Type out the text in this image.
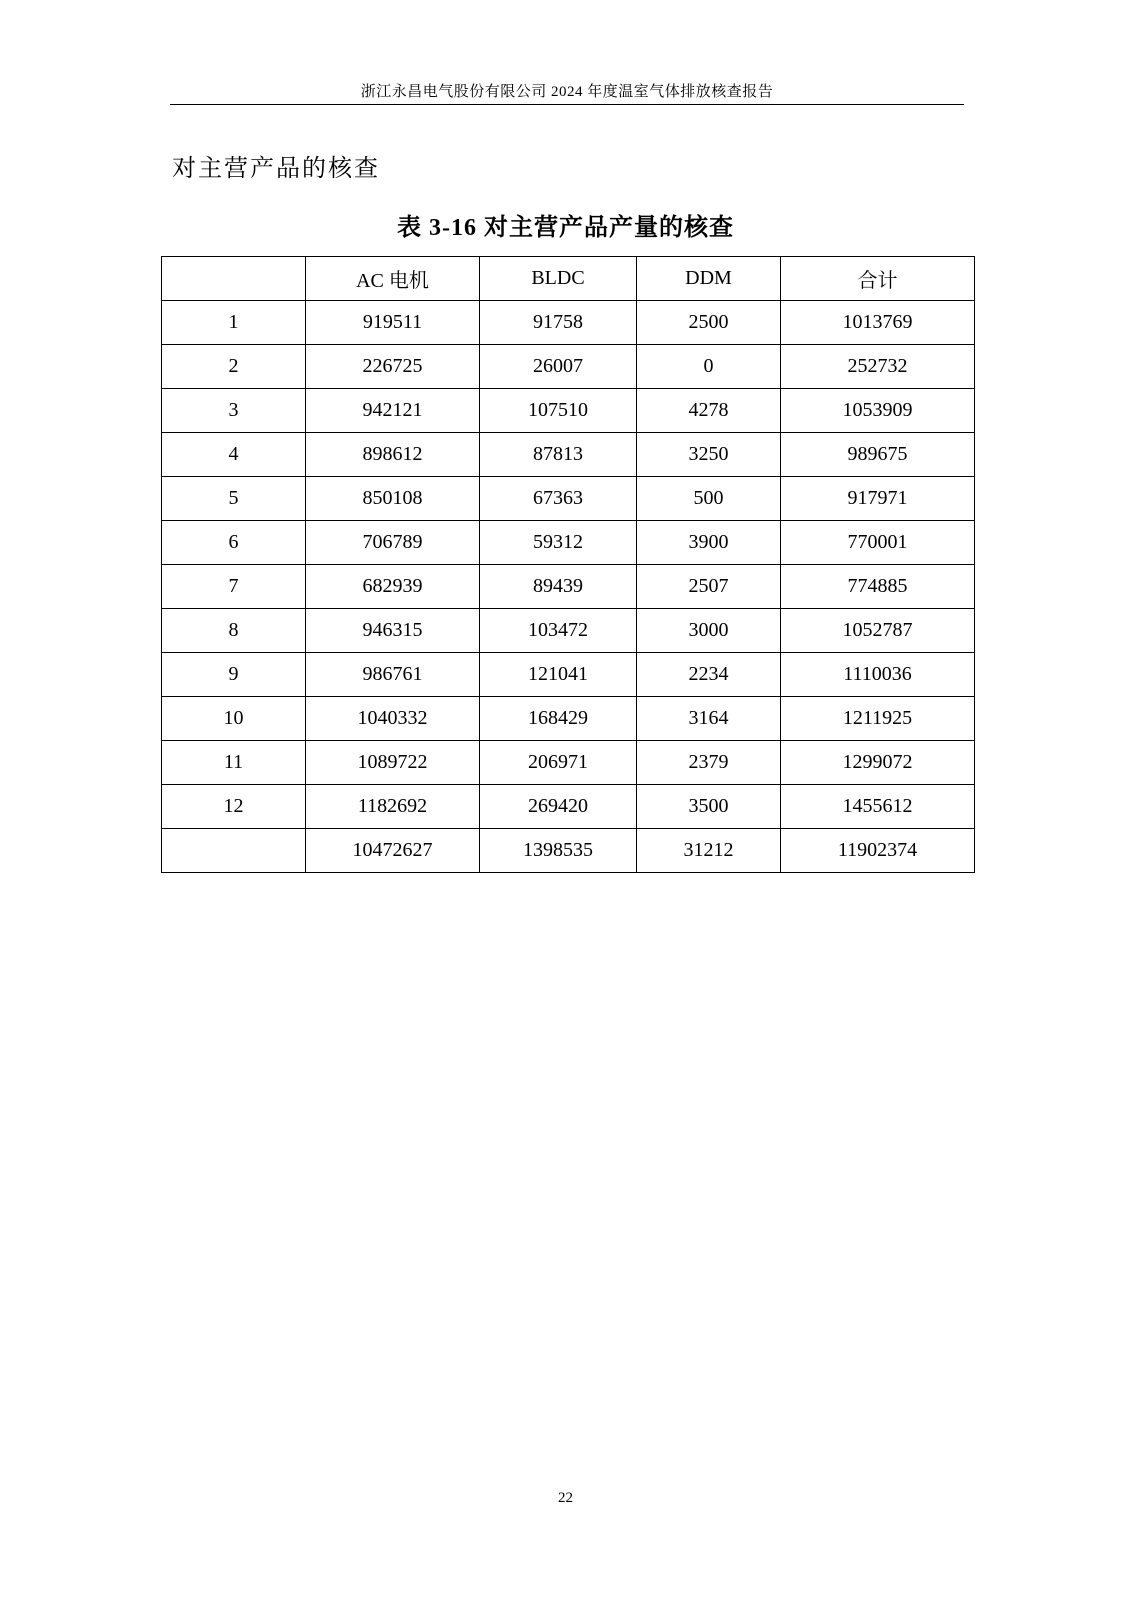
浙江永昌电气股份有限公司 2024 年度温室气体排放核查报告
对主营产品的核查
表 3-16 对主营产品产量的核查
	AC 电机	BLDC	DDM	合计
1	919511	91758	2500	1013769
2	226725	26007	0	252732
3	942121	107510	4278	1053909
4	898612	87813	3250	989675
5	850108	67363	500	917971
6	706789	59312	3900	770001
7	682939	89439	2507	774885
8	946315	103472	3000	1052787
9	986761	121041	2234	1110036
10	1040332	168429	3164	1211925
11	1089722	206971	2379	1299072
12	1182692	269420	3500	1455612
	10472627	1398535	31212	11902374
22
